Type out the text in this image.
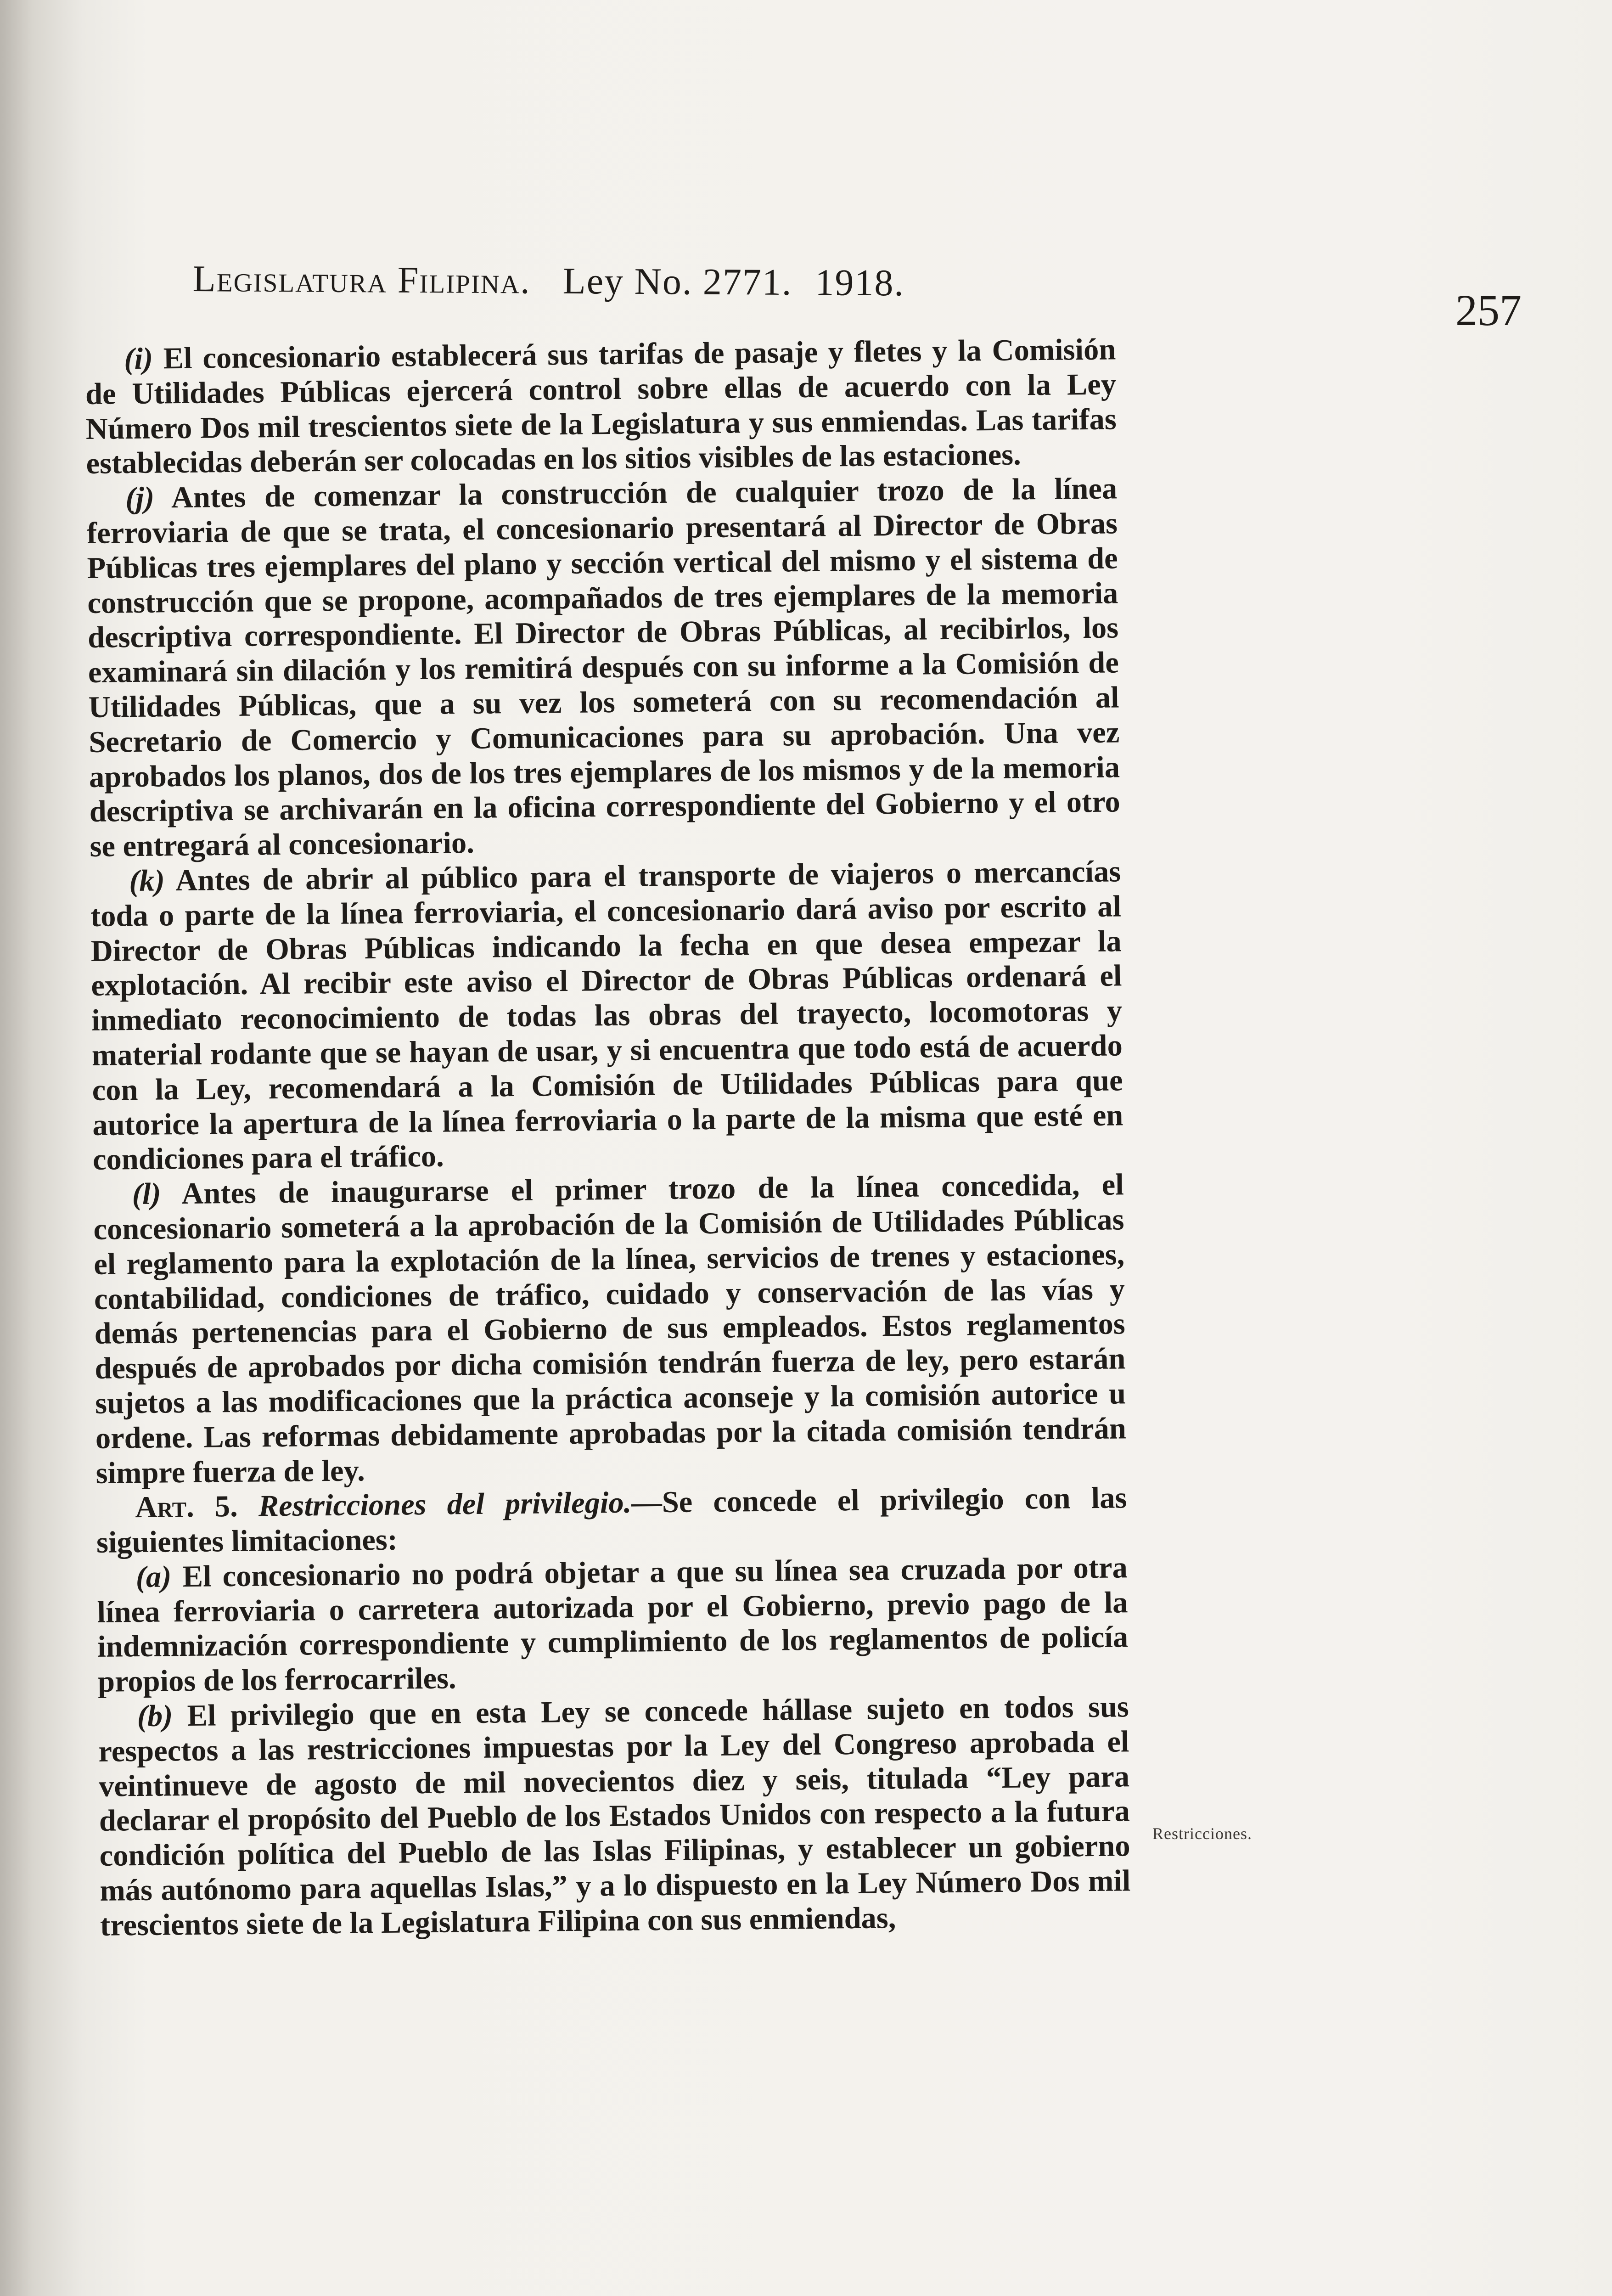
Legislatura Filipina. Ley No. 2771. 1918.
257

(i) El concesionario establecerá sus tarifas de pasaje y fletes y la Comisión de Utilidades Públicas ejercerá control sobre ellas de acuerdo con la Ley Número Dos mil trescientos siete de la Legislatura y sus enmiendas. Las tarifas establecidas deberán ser colocadas en los sitios visibles de las estaciones.

(j) Antes de comenzar la construcción de cualquier trozo de la línea ferroviaria de que se trata, el concesionario presentará al Director de Obras Públicas tres ejemplares del plano y sección vertical del mismo y el sistema de construcción que se propone, acompañados de tres ejemplares de la memoria descriptiva correspondiente. El Director de Obras Públicas, al recibirlos, los examinará sin dilación y los remitirá después con su informe a la Comisión de Utilidades Públicas, que a su vez los someterá con su recomendación al Secretario de Comercio y Comunicaciones para su aprobación. Una vez aprobados los planos, dos de los tres ejemplares de los mismos y de la memoria descriptiva se archivarán en la oficina correspondiente del Gobierno y el otro se entregará al concesionario.

(k) Antes de abrir al público para el transporte de viajeros o mercancías toda o parte de la línea ferroviaria, el concesionario dará aviso por escrito al Director de Obras Públicas indicando la fecha en que desea empezar la explotación. Al recibir este aviso el Director de Obras Públicas ordenará el inmediato reconocimiento de todas las obras del trayecto, locomotoras y material rodante que se hayan de usar, y si encuentra que todo está de acuerdo con la Ley, recomendará a la Comisión de Utilidades Públicas para que autorice la apertura de la línea ferroviaria o la parte de la misma que esté en condiciones para el tráfico.

(l) Antes de inaugurarse el primer trozo de la línea concedida, el concesionario someterá a la aprobación de la Comisión de Utilidades Públicas el reglamento para la explotación de la línea, servicios de trenes y estaciones, contabilidad, condiciones de tráfico, cuidado y conservación de las vías y demás pertenencias para el Gobierno de sus empleados. Estos reglamentos después de aprobados por dicha comisión tendrán fuerza de ley, pero estarán sujetos a las modificaciones que la práctica aconseje y la comisión autorice u ordene. Las reformas debidamente aprobadas por la citada comisión tendrán simpre fuerza de ley.

Art. 5. Restricciones del privilegio.—Se concede el privilegio con las siguientes limitaciones:

(a) El concesionario no podrá objetar a que su línea sea cruzada por otra línea ferroviaria o carretera autorizada por el Gobierno, previo pago de la indemnización correspondiente y cumplimiento de los reglamentos de policía propios de los ferrocarriles.

(b) El privilegio que en esta Ley se concede hállase sujeto en todos sus respectos a las restricciones impuestas por la Ley del Congreso aprobada el veintinueve de agosto de mil novecientos diez y seis, titulada “Ley para declarar el propósito del Pueblo de los Estados Unidos con respecto a la futura condición política del Pueblo de las Islas Filipinas, y establecer un gobierno más autónomo para aquellas Islas,” y a lo dispuesto en la Ley Número Dos mil trescientos siete de la Legislatura Filipina con sus enmiendas,

Restricciones.
